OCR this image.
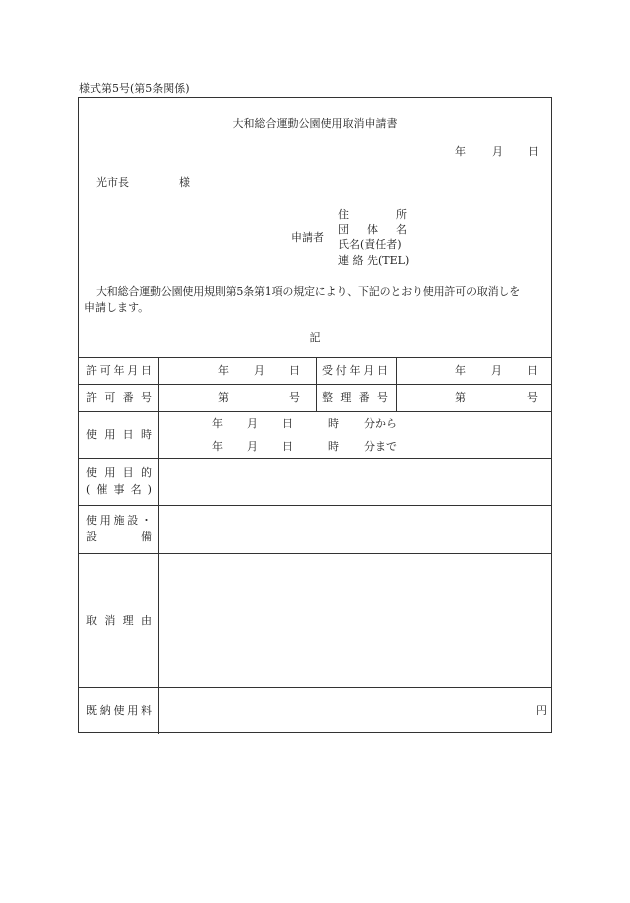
様式第5号(第5条関係)
大和総合運動公園使用取消申請書
年 月 日
光市長	様
申請者
住	所
団 体 名
氏名(責任者)
連 絡 先(TEL)
大和総合運動公園使用規則第5条第1項の規定により、下記のとおり使用許可の取消しを
申請します。
記
許 可 年 月 日	年 月 日 受 付 年 月 日	年 月 日
許 可 番 号	第	号 整 理 番 号	第	号
使 用 日 時
年 月 日	時 分から
年 月 日	時 分まで
使 用 目 的
( 催 事 名 )
使 用 施 設 ・
設	備
取 消 理 由
既 納 使 用 料	円
